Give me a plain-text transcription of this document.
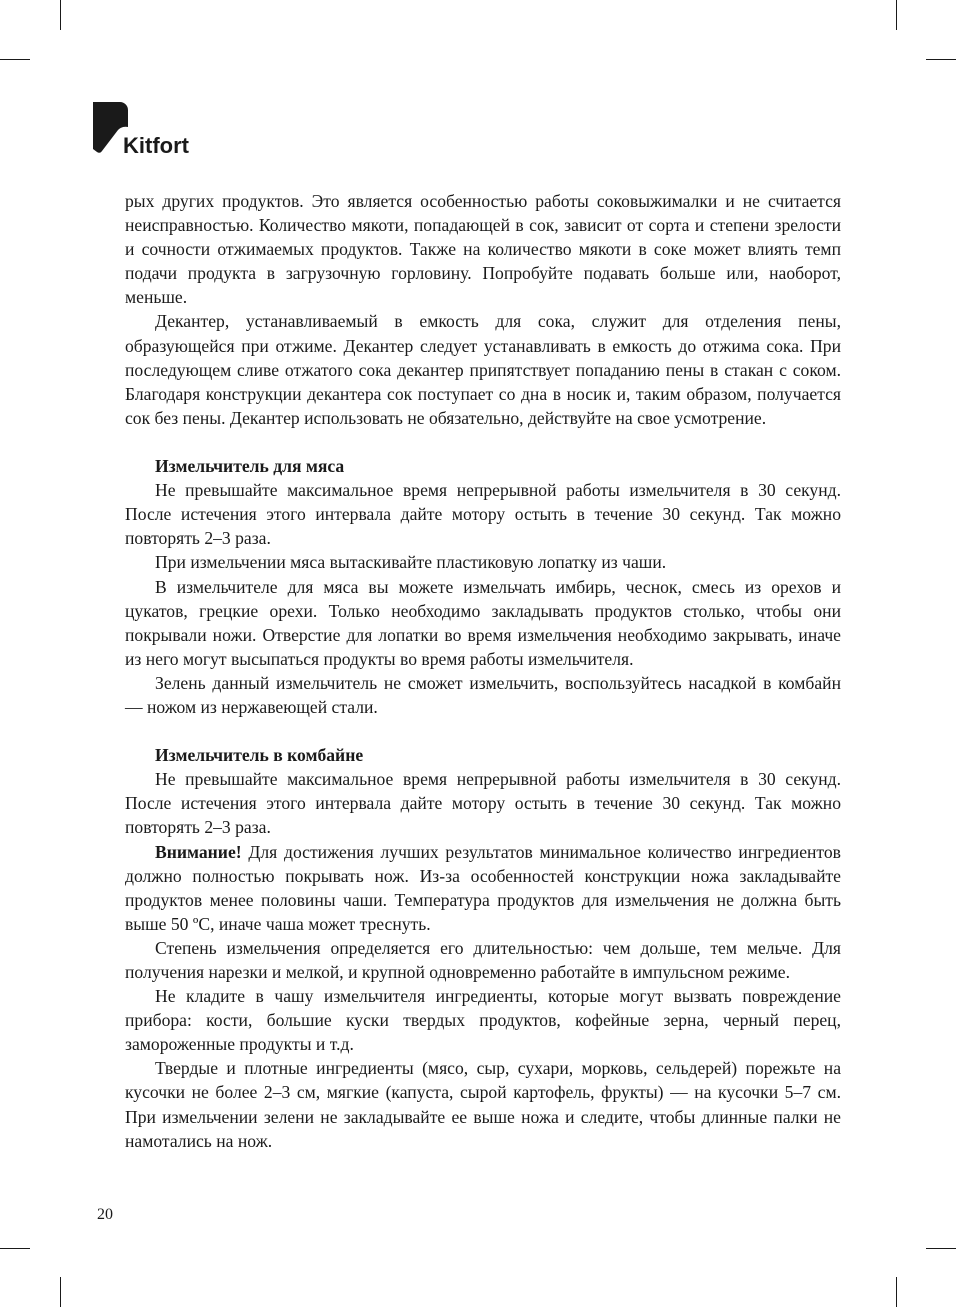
Kitfort

рых других продуктов. Это является особенностью работы соковыжималки и не считается неисправностью. Количество мякоти, попадающей в сок, зависит от сорта и степени зрелости и сочности отжимаемых продуктов. Также на количество мякоти в соке может влиять темп подачи продукта в загрузочную горловину. Попробуйте подавать больше или, наоборот, меньше.

Декантер, устанавливаемый в емкость для сока, служит для отделения пены, образующейся при отжиме. Декантер следует устанавливать в емкость до отжима сока. При последующем сливе отжатого сока декантер припятствует попаданию пены в стакан с соком. Благодаря конструкции декантера сок поступает со дна в носик и, таким образом, получается сок без пены. Декантер использовать не обязательно, действуйте на свое усмотрение.

Измельчитель для мяса

Не превышайте максимальное время непрерывной работы измельчителя в 30 секунд. После истечения этого интервала дайте мотору остыть в течение 30 секунд. Так можно повторять 2–3 раза.

При измельчении мяса вытаскивайте пластиковую лопатку из чаши.

В измельчителе для мяса вы можете измельчать имбирь, чеснок, смесь из орехов и цукатов, грецкие орехи. Только необходимо закладывать продуктов столько, чтобы они покрывали ножи. Отверстие для лопатки во время измельчения необходимо закрывать, иначе из него могут высыпаться продукты во время работы измельчителя.

Зелень данный измельчитель не сможет измельчить, воспользуйтесь насадкой в комбайн — ножом из нержавеющей стали.

Измельчитель в комбайне

Не превышайте максимальное время непрерывной работы измельчителя в 30 секунд. После истечения этого интервала дайте мотору остыть в течение 30 секунд. Так можно повторять 2–3 раза.

Внимание! Для достижения лучших результатов минимальное количество ингредиентов должно полностью покрывать нож. Из-за особенностей конструкции ножа закладывайте продуктов менее половины чаши. Температура продуктов для измельчения не должна быть выше 50 ºС, иначе чаша может треснуть.

Степень измельчения определяется его длительностью: чем дольше, тем мельче. Для получения нарезки и мелкой, и крупной одновременно работайте в импульсном режиме.

Не кладите в чашу измельчителя ингредиенты, которые могут вызвать повреждение прибора: кости, большие куски твердых продуктов, кофейные зерна, черный перец, замороженные продукты и т.д.

Твердые и плотные ингредиенты (мясо, сыр, сухари, морковь, сельдерей) порежьте на кусочки не более 2–3 см, мягкие (капуста, сырой картофель, фрукты) — на кусочки 5–7 см. При измельчении зелени не закладывайте ее выше ножа и следите, чтобы длинные палки не намотались на нож.

20
